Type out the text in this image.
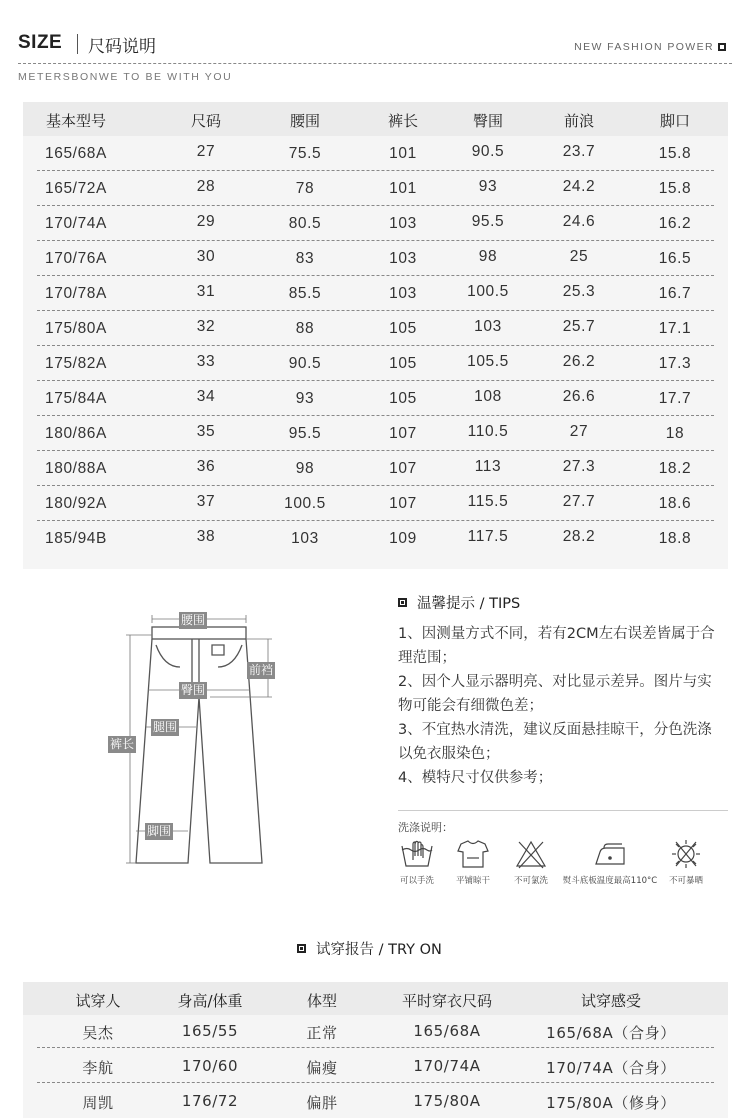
SIZE 尺码说明	NEW FASHION POWER
METERSBONWE TO BE WITH YOU
基本型号	尺码	腰围	裤长	臀围	前浪	脚口
165/68A	27	75.5	101	90.5	23.7	15.8
165/72A	28	78	101	93	24.2	15.8
170/74A	29	80.5	103	95.5	24.6	16.2
170/76A	30	83	103	98	25	16.5
170/78A	31	85.5	103	100.5	25.3	16.7
175/80A	32	88	105	103	25.7	17.1
175/82A	33	90.5	105	105.5	26.2	17.3
175/84A	34	93	105	108	26.6	17.7
180/86A	35	95.5	107	110.5	27	18
180/88A	36	98	107	113	27.3	18.2
180/92A	37	100.5	107	115.5	27.7	18.6
185/94B	38	103	109	117.5	28.2	18.8
腰围
前裆
臀围
腿围
裤长
脚围
温馨提示 / TIPS

1、因测量方式不同，若有2CM左右误差皆属于合理范围；

2、因个人显示器明亮、对比显示差异。图片与实物可能会有细微色差；

3、不宜热水清洗，建议反面悬挂晾干，分色洗涤以免衣服染色；

4、模特尺寸仅供参考；

洗涤说明：
可以手洗	平铺晾干	不可氯洗	熨斗底板温度最高110°C	不可暴晒
试穿报告 / TRY ON
试穿人	身高/体重	体型	平时穿衣尺码	试穿感受
吴杰	165/55	正常	165/68A	165/68A（合身）
李航	170/60	偏瘦	170/74A	170/74A（合身）
周凯	176/72	偏胖	175/80A	175/80A（修身）
